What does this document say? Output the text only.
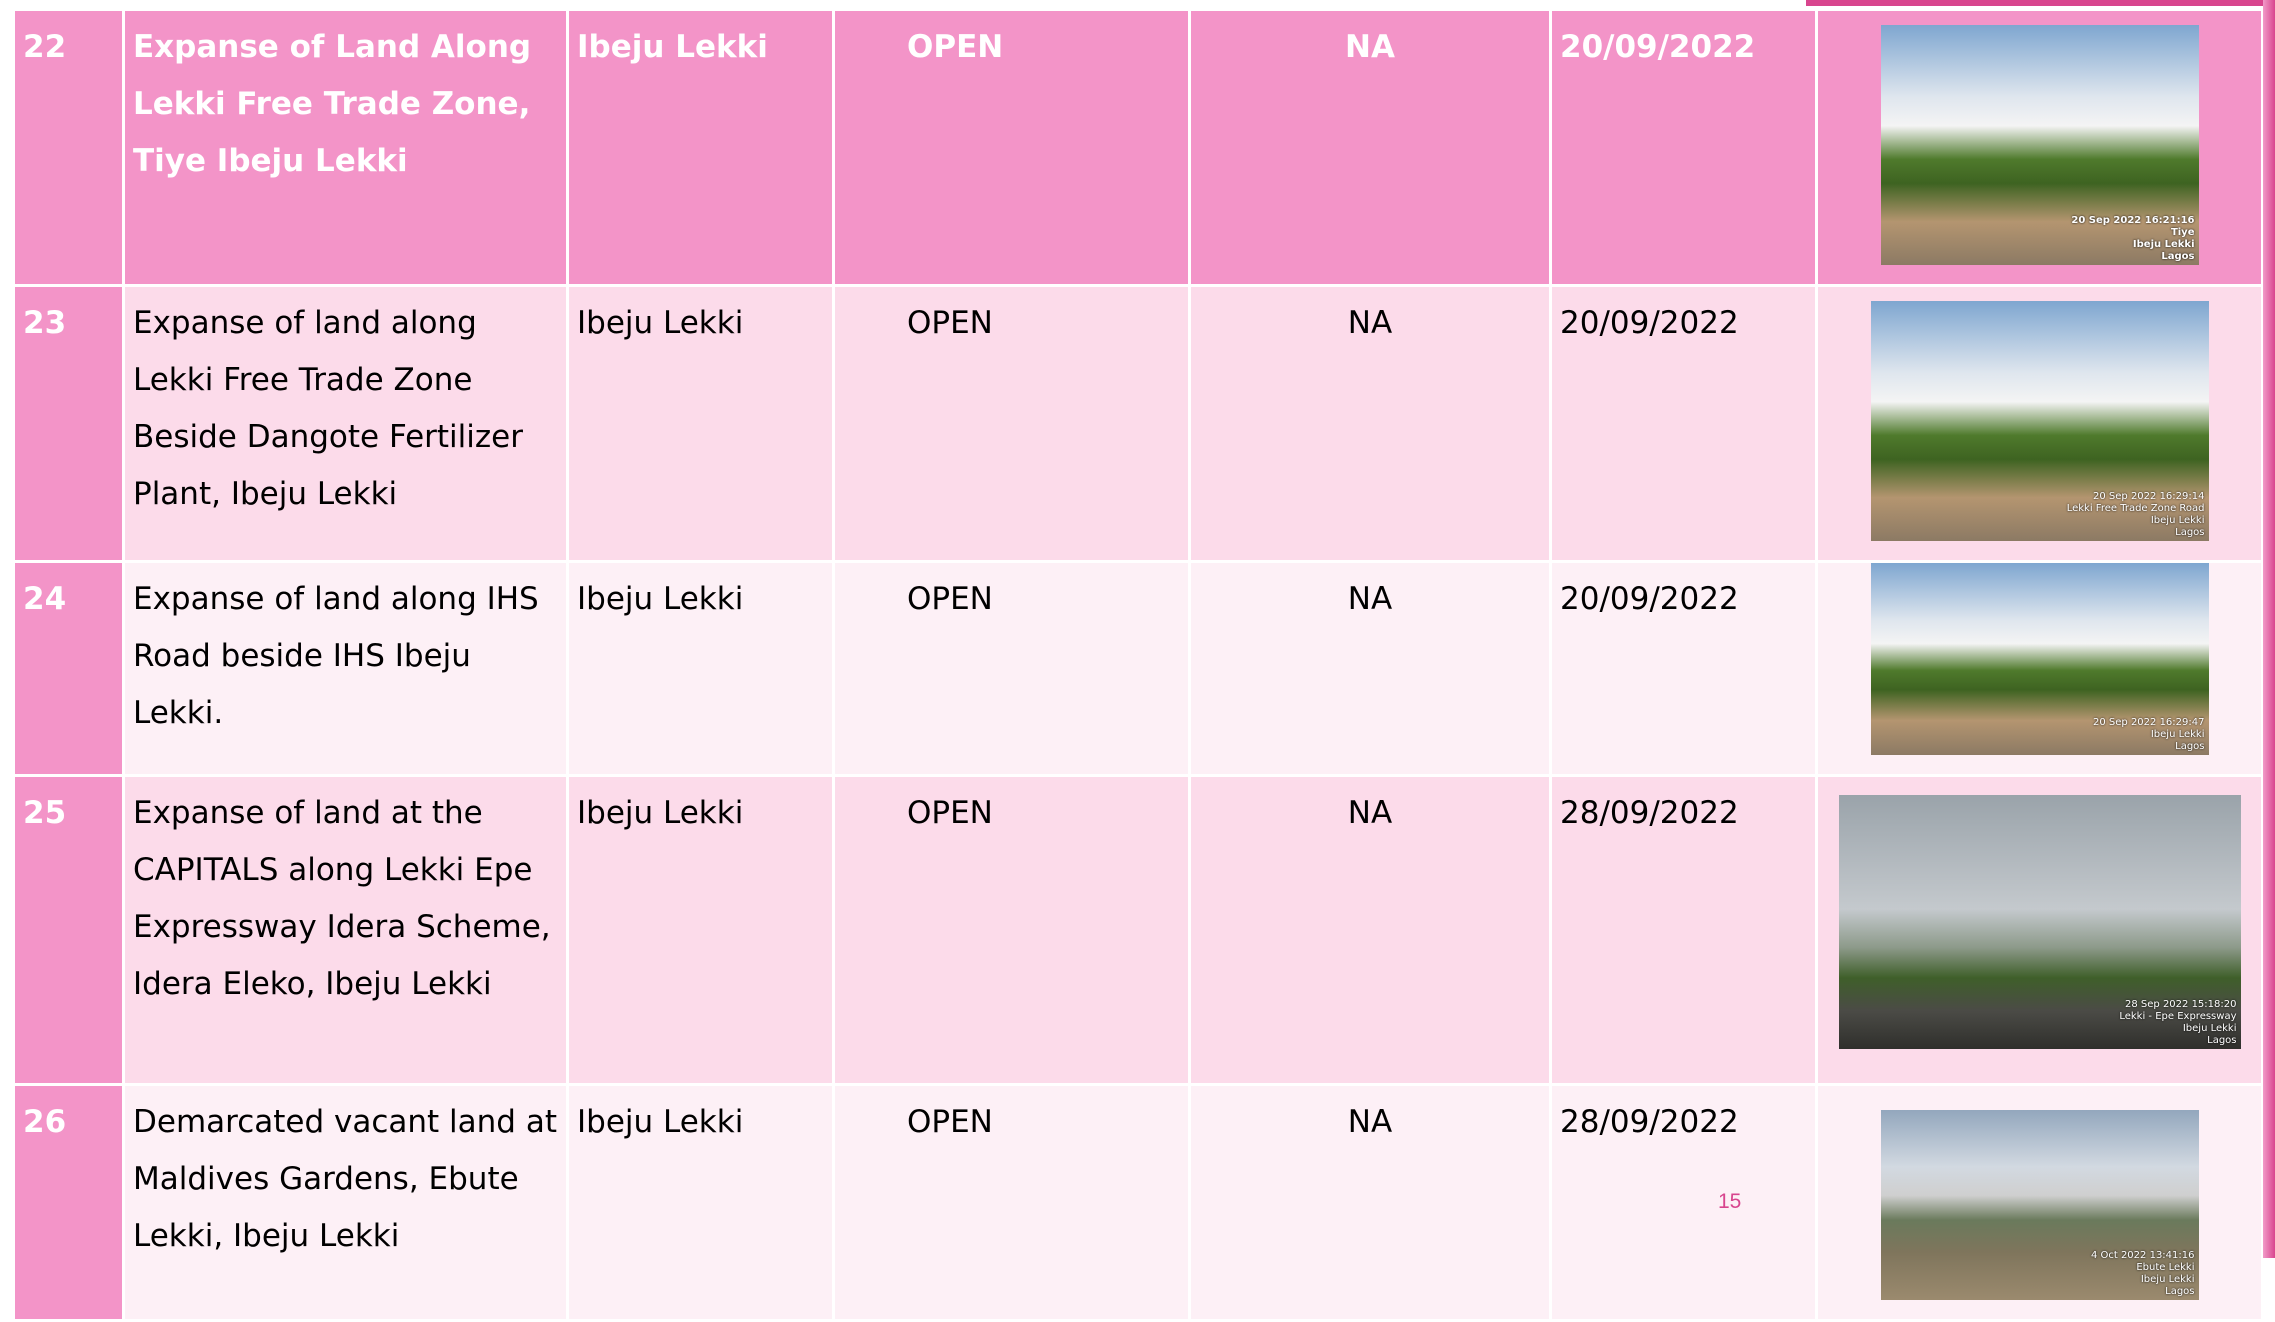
22	Expanse of Land Along Lekki Free Trade Zone, Tiye Ibeju Lekki	Ibeju Lekki	OPEN	NA	20/09/2022	20 Sep 2022 16:21:16
Tiye
Ibeju Lekki
Lagos

23	Expanse of land along Lekki Free Trade Zone Beside Dangote Fertilizer Plant, Ibeju Lekki	Ibeju Lekki	OPEN	NA	20/09/2022	20 Sep 2022 16:29:14
Lekki Free Trade Zone Road
Ibeju Lekki
Lagos

24	Expanse of land along IHS Road beside IHS Ibeju Lekki.	Ibeju Lekki	OPEN	NA	20/09/2022	20 Sep 2022 16:29:47
Ibeju Lekki
Lagos

25	Expanse of land at the CAPITALS along Lekki Epe Expressway Idera Scheme, Idera Eleko, Ibeju Lekki	Ibeju Lekki	OPEN	NA	28/09/2022	28 Sep 2022 15:18:20
Lekki - Epe Expressway
Ibeju Lekki
Lagos

26	Demarcated vacant land at Maldives Gardens, Ebute Lekki, Ibeju Lekki	Ibeju Lekki	OPEN	NA	28/09/2022	4 Oct 2022 13:41:16
Ebute Lekki
Ibeju Lekki
Lagos
15
